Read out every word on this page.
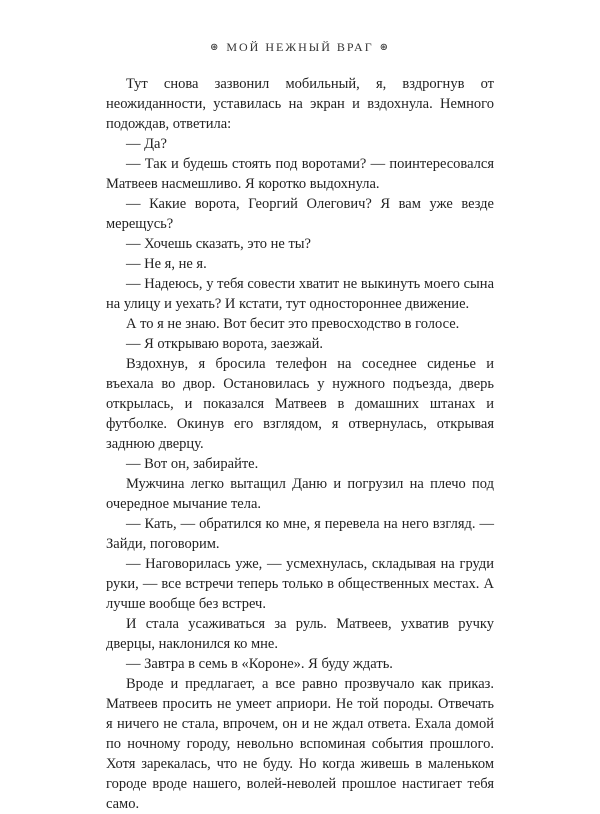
⊛ МОЙ НЕЖНЫЙ ВРАГ ⊛

Тут снова зазвонил мобильный, я, вздрогнув от неожиданности, уставилась на экран и вздохнула. Немного подождав, ответила:

— Да?

— Так и будешь стоять под воротами? — поинтересовался Матвеев насмешливо. Я коротко выдохнула.

— Какие ворота, Георгий Олегович? Я вам уже везде мерещусь?

— Хочешь сказать, это не ты?

— Не я, не я.

— Надеюсь, у тебя совести хватит не выкинуть моего сына на улицу и уехать? И кстати, тут одностороннее движение.

А то я не знаю. Вот бесит это превосходство в голосе.

— Я открываю ворота, заезжай.

Вздохнув, я бросила телефон на соседнее сиденье и въехала во двор. Остановилась у нужного подъезда, дверь открылась, и показался Матвеев в домашних штанах и футболке. Окинув его взглядом, я отвернулась, открывая заднюю дверцу.

— Вот он, забирайте.

Мужчина легко вытащил Даню и погрузил на плечо под очередное мычание тела.

— Кать, — обратился ко мне, я перевела на него взгляд. — Зайди, поговорим.

— Наговорилась уже, — усмехнулась, складывая на груди руки, — все встречи теперь только в общественных местах. А лучше вообще без встреч.

И стала усаживаться за руль. Матвеев, ухватив ручку дверцы, наклонился ко мне.

— Завтра в семь в «Короне». Я буду ждать.

Вроде и предлагает, а все равно прозвучало как приказ. Матвеев просить не умеет априори. Не той породы. Отвечать я ничего не стала, впрочем, он и не ждал ответа. Ехала домой по ночному городу, невольно вспоминая события прошлого. Хотя зарекалась, что не буду. Но когда живешь в маленьком городе вроде нашего, волей-неволей прошлое настигает тебя само.
